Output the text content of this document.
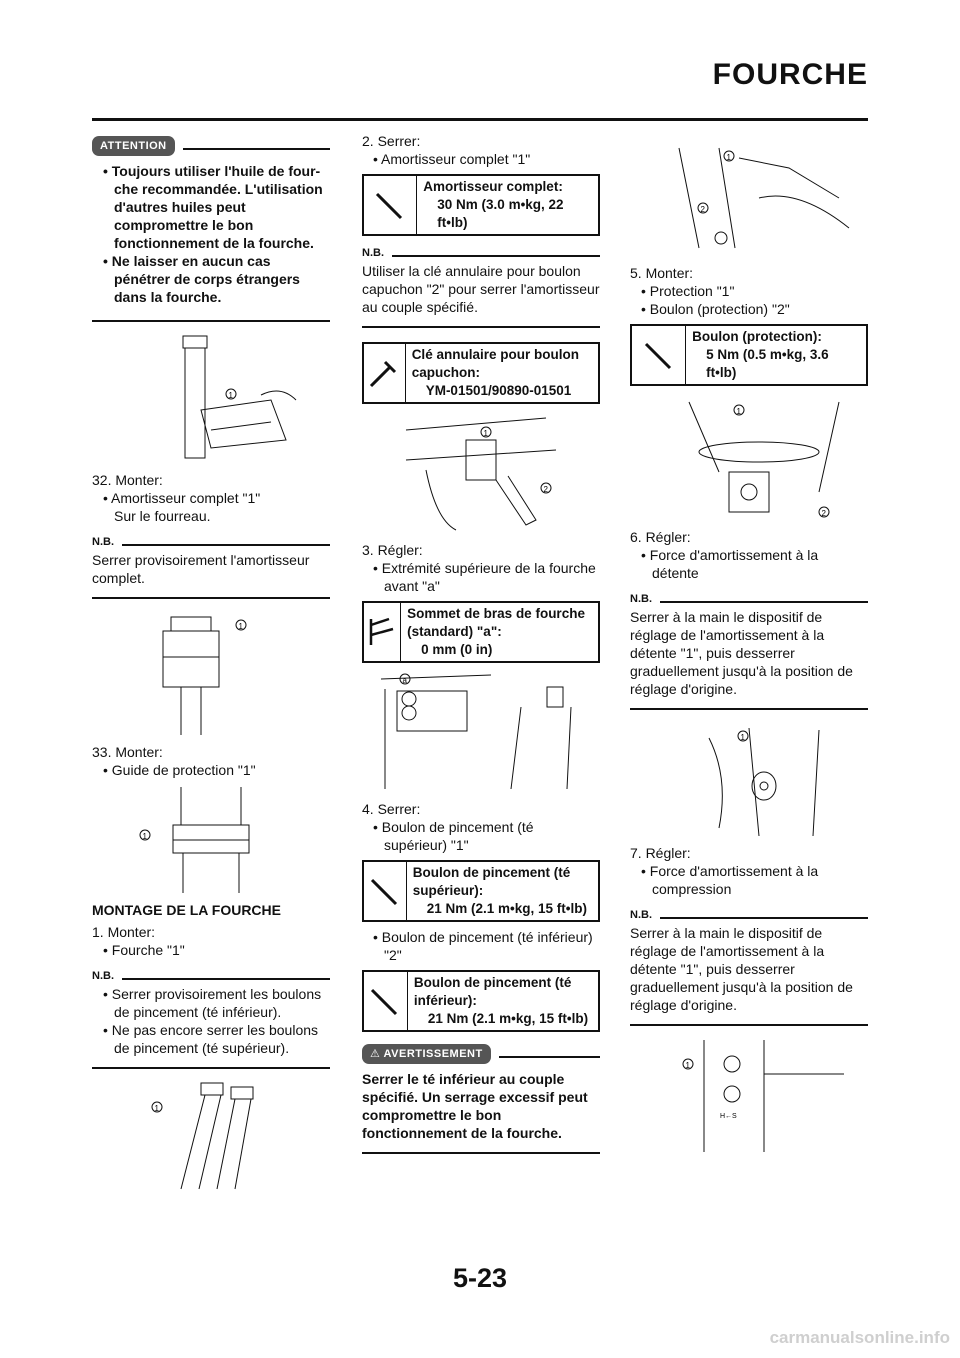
FOURCHE
ATTENTION
• Toujours utiliser l'huile de four-che recommandée. L'utilisation d'autres huiles peut compromettre le bon fonctionnement de la fourche.
• Ne laisser en aucun cas pénétrer de corps étrangers dans la fourche.
1
32. Monter:
• Amortisseur complet "1"
Sur le fourreau.
N.B.
Serrer provisoirement l'amortisseur complet.
1
33. Monter:
• Guide de protection "1"
1
MONTAGE DE LA FOURCHE
1. Monter:
• Fourche "1"
N.B.
• Serrer provisoirement les boulons de pincement (té inférieur).
• Ne pas encore serrer les boulons de pincement (té supérieur).
1
2. Serrer:
• Amortisseur complet "1"
Amortisseur complet:
30 Nm (3.0 m•kg, 22 ft•lb)
N.B.
Utiliser la clé annulaire pour boulon capuchon "2" pour serrer l'amortisseur au couple spécifié.
Clé annulaire pour boulon capuchon:
YM-01501/90890-01501
1
2
3. Régler:
• Extrémité supérieure de la fourche avant "a"
Sommet de bras de fourche (standard) "a":
0 mm (0 in)
a
4. Serrer:
• Boulon de pincement (té supérieur) "1"
Boulon de pincement (té supérieur):
21 Nm (2.1 m•kg, 15 ft•lb)
• Boulon de pincement (té inférieur) "2"
Boulon de pincement (té inférieur):
21 Nm (2.1 m•kg, 15 ft•lb)
⚠ AVERTISSEMENT
Serrer le té inférieur au couple spécifié. Un serrage excessif peut compromettre le bon fonctionnement de la fourche.
1
2
5. Monter:
• Protection "1"
• Boulon (protection) "2"
Boulon (protection):
5 Nm (0.5 m•kg, 3.6 ft•lb)
1
2
6. Régler:
• Force d'amortissement à la détente
N.B.
Serrer à la main le dispositif de réglage de l'amortissement à la détente "1", puis desserrer graduellement jusqu'à la position de réglage d'origine.
1
7. Régler:
• Force d'amortissement à la compression
N.B.
Serrer à la main le dispositif de réglage de l'amortissement à la détente "1", puis desserrer graduellement jusqu'à la position de réglage d'origine.
H←S
1
5-23
carmanualsonline.info
